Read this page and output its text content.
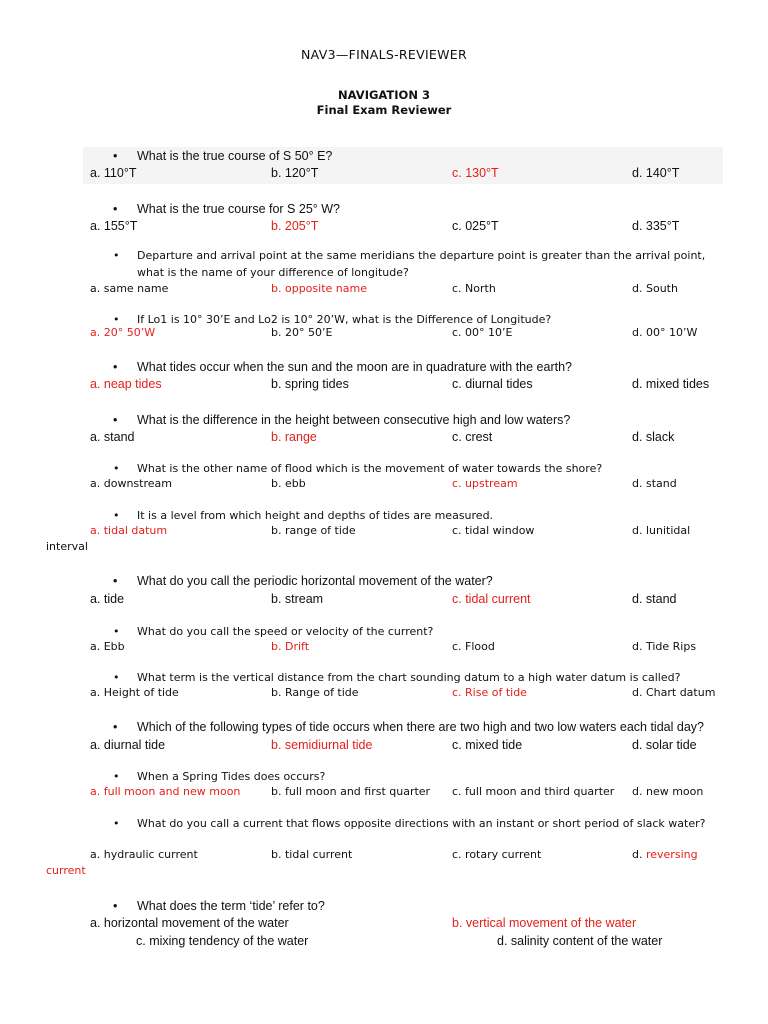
NAV3—FINALS-REVIEWER
NAVIGATION 3
Final Exam Reviewer
•	What is the true course of S 50° E?
a. 110°T	b. 120°T	c. 130°T	d. 140°T
•	What is the true course for S 25° W?
a. 155°T	b. 205°T	c. 025°T	d. 335°T
•	Departure and arrival point at the same meridians the departure point is greater than the arrival point, what is the name of your difference of longitude?
a. same name	b. opposite name	c. North	d. South
•	If Lo1 is 10° 30’E and Lo2 is 10° 20’W, what is the Difference of Longitude?
a. 20° 50’W	b. 20° 50’E	c. 00° 10’E	d. 00° 10’W
•	What tides occur when the sun and the moon are in quadrature with the earth?
a. neap tides	b. spring tides	c. diurnal tides	d. mixed tides
•	What is the difference in the height between consecutive high and low waters?
a. stand	b. range	c. crest	d. slack
•	What is the other name of flood which is the movement of water towards the shore?
a. downstream	b. ebb	c. upstream	d. stand
•	It is a level from which height and depths of tides are measured.
a. tidal datum	b. range of tide	c. tidal window	d. lunitidal
interval
•	What do you call the periodic horizontal movement of the water?
a. tide	b. stream	c. tidal current	d. stand
•	What do you call the speed or velocity of the current?
a. Ebb	b. Drift	c. Flood	d. Tide Rips
•	What term is the vertical distance from the chart sounding datum to a high water datum is called?
a. Height of tide	b. Range of tide	c. Rise of tide	d. Chart datum
•	Which of the following types of tide occurs when there are two high and two low waters each tidal day?
a. diurnal tide	b. semidiurnal tide	c. mixed tide	d. solar tide
•	When a Spring Tides does occurs?
a. full moon and new moon	b. full moon and first quarter c. full moon and third quarter d. new moon
•	What do you call a current that flows opposite directions with an instant or short period of slack water?
a. hydraulic current	b. tidal current	c. rotary current	d. reversing
current
•	What does the term ‘tide’ refer to?
a. horizontal movement of the water	b. vertical movement of the water
c. mixing tendency of the water	d. salinity content of the water
